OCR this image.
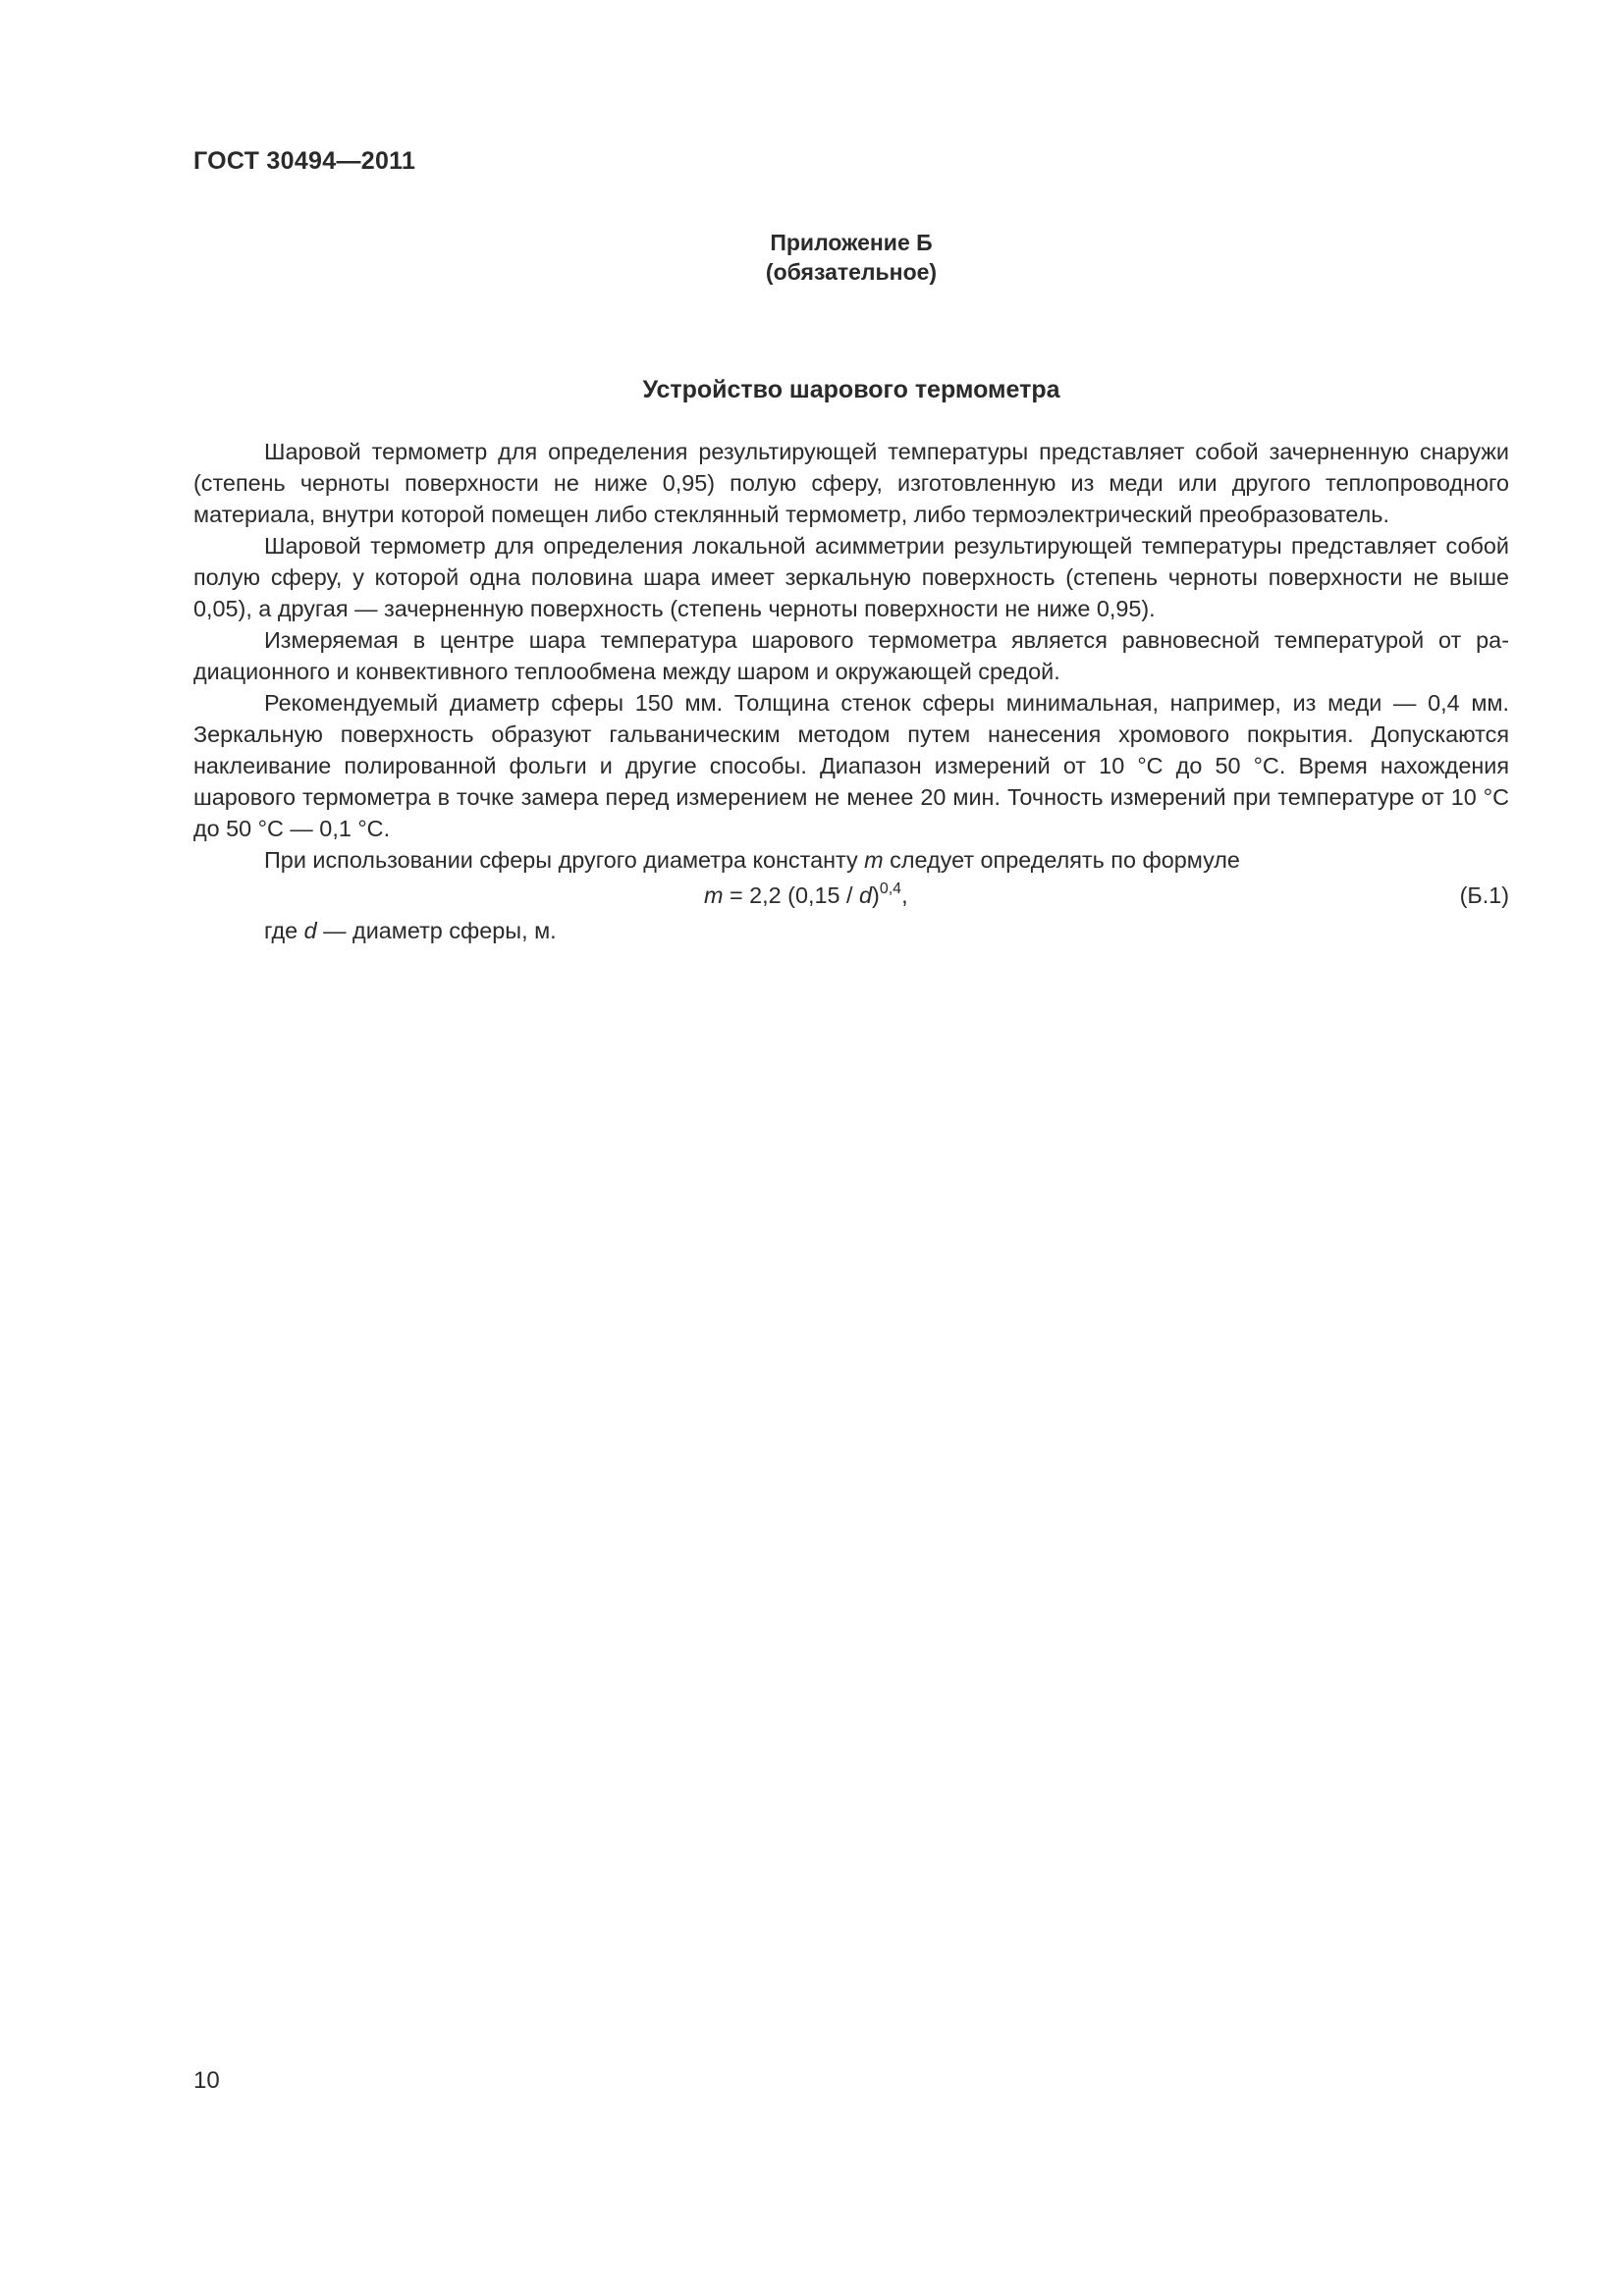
ГОСТ 30494—2011
Приложение Б
(обязательное)
Устройство шарового термометра

Шаровой термометр для определения результирующей температуры представляет собой зачерненную снаружи (степень черноты поверхности не ниже 0,95) полую сферу, изготовленную из меди или другого теплопроводного материала, внутри которой помещен либо стеклянный термометр, либо термоэлектрический преобразователь.

Шаровой термометр для определения локальной асимметрии результирующей температуры представляет собой полую сферу, у которой одна половина шара имеет зеркальную поверхность (степень черноты поверхности не выше 0,05), а другая — зачерненную поверхность (степень черноты поверхности не ниже 0,95).

Измеряемая в центре шара температура шарового термометра является равновесной температурой от радиационного и конвективного теплообмена между шаром и окружающей средой.

Рекомендуемый диаметр сферы 150 мм. Толщина стенок сферы минимальная, например, из меди — 0,4 мм. Зеркальную поверхность образуют гальваническим методом путем нанесения хромового покрытия. Допускаются наклеивание полированной фольги и другие способы. Диапазон измерений от 10 °С до 50 °С. Время нахождения шарового термометра в точке замера перед измерением не менее 20 мин. Точность измерений при температуре от 10 °С до 50 °С — 0,1 °С.

При использовании сферы другого диаметра константу m следует определять по формуле

m = 2,2 (0,15 / d)$^{0,4}$,	(Б.1)

где d — диаметр сферы, м.

10
